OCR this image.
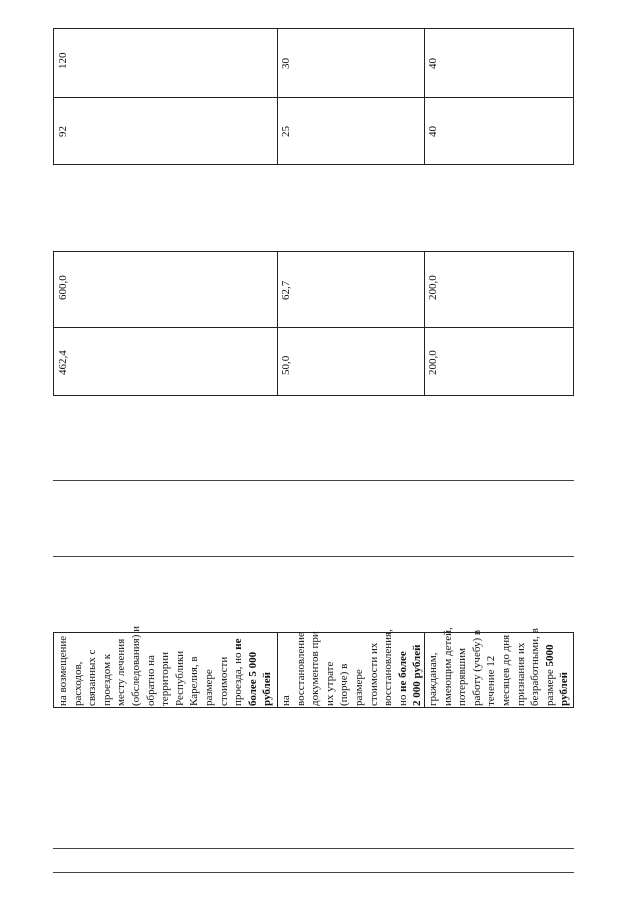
92
120
25
30
40
40
462,4
600,0
50,0
62,7
200,0
200,0
на возмещение расходов, связанных с проездом к месту лечения (обследования) и обратно на территории Республики Карелия, в размере стоимости проезда, но не
более 5 000 рублей на восстановление документов при их утрате (порче) в размере стоимости их восстановления, но не более 2 000 рублей гражданам, имеющим детей, потерявшим работу (учебу) в течение 12 месяцев до дня признания их безработными, в размере 5000
рублей
